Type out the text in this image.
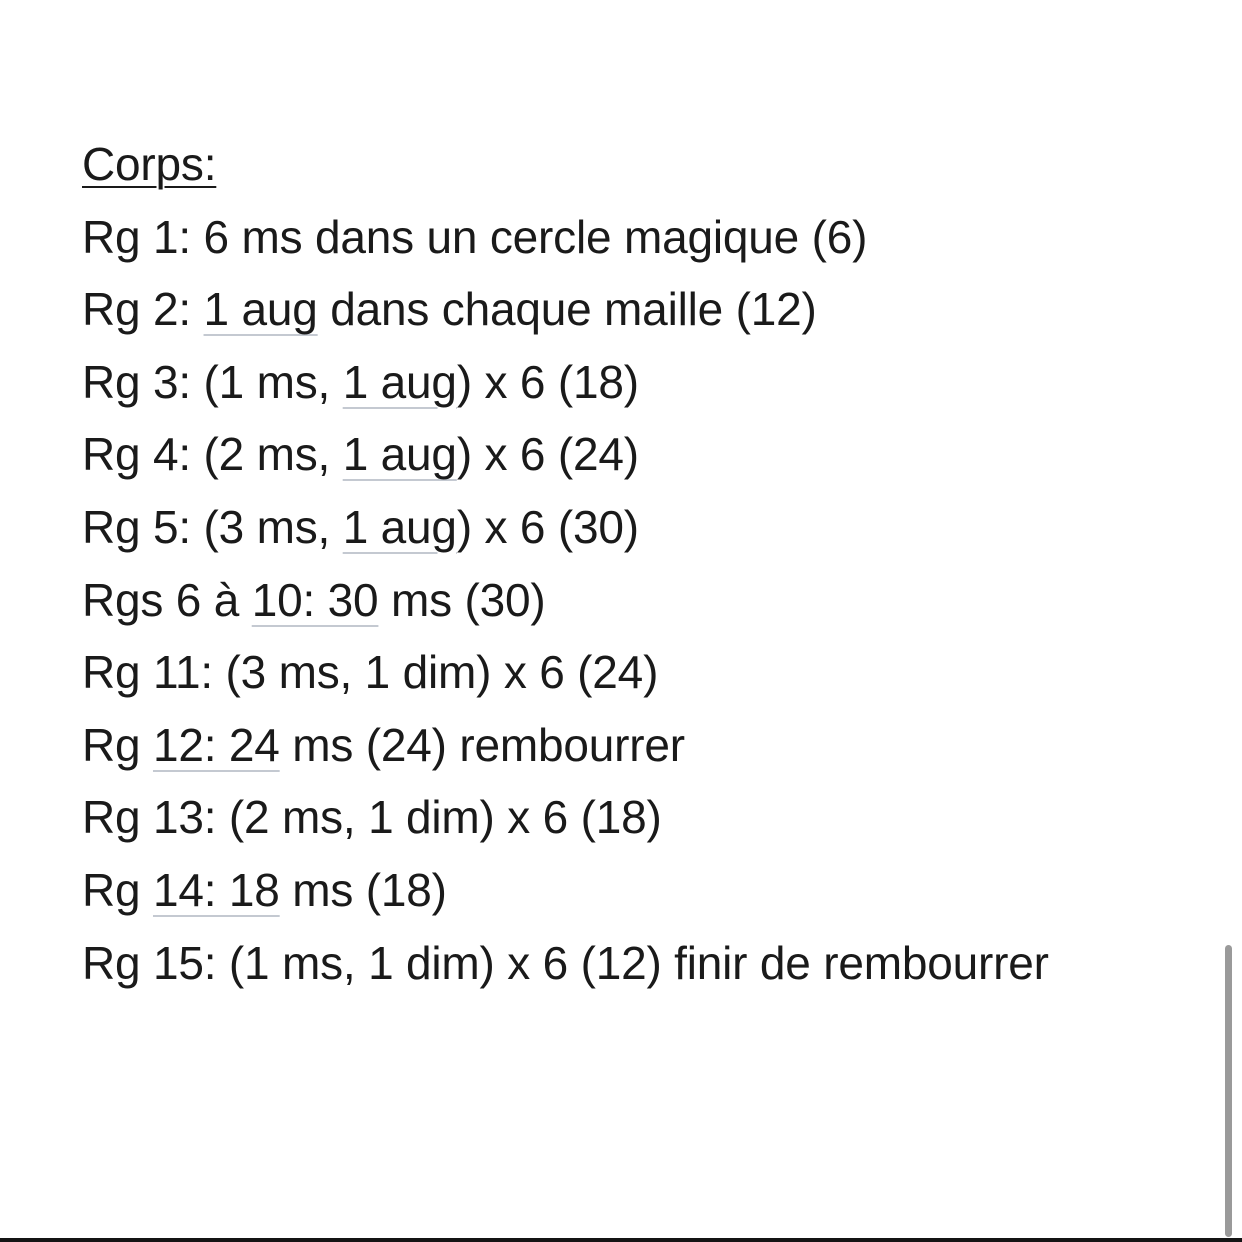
Corps:
Rg 1: 6 ms dans un cercle magique (6)
Rg 2: 1 aug dans chaque maille (12)
Rg 3: (1 ms, 1 aug) x 6 (18)
Rg 4: (2 ms, 1 aug) x 6 (24)
Rg 5: (3 ms, 1 aug) x 6 (30)
Rgs 6 à 10: 30 ms (30)
Rg 11: (3 ms, 1 dim) x 6 (24)
Rg 12: 24 ms (24) rembourrer
Rg 13: (2 ms, 1 dim) x 6 (18)
Rg 14: 18 ms (18)
Rg 15: (1 ms, 1 dim) x 6 (12) finir de rembourrer
